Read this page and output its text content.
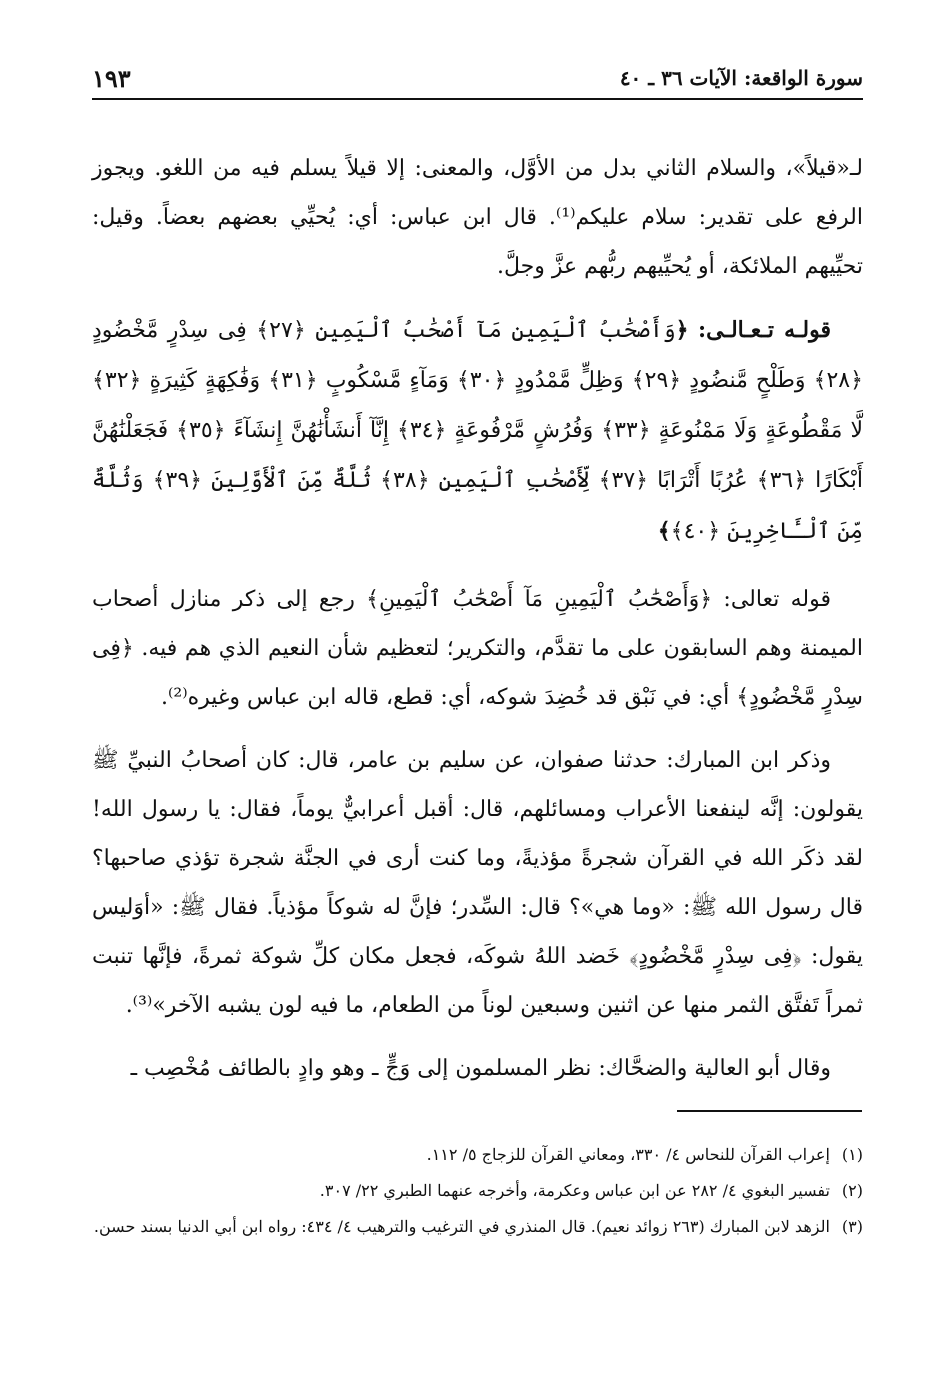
سورة الواقعة: الآيات ٣٦ ـ ٤٠
١٩٣

لـ«قيلاً»، والسلام الثاني بدل من الأوَّل، والمعنى: إلا قيلاً يسلم فيه من اللغو. ويجوز الرفع على تقدير: سلام عليكم⁽¹⁾. قال ابن عباس: أي: يُحيِّي بعضهم بعضاً. وقيل: تحيِّيهم الملائكة، أو يُحيِّيهم ربُّهم عزَّ وجلَّ.

قولـه تـعـالـى: ﴿وَأَصْحَٰبُ ٱلْيَمِينِ مَآ أَصْحَٰبُ ٱلْيَمِينِ ﴿٢٧﴾ فِى سِدْرٍ مَّخْضُودٍ ﴿٢٨﴾ وَطَلْحٍ مَّنضُودٍ ﴿٢٩﴾ وَظِلٍّ مَّمْدُودٍ ﴿٣٠﴾ وَمَآءٍ مَّسْكُوبٍ ﴿٣١﴾ وَفَٰكِهَةٍ كَثِيرَةٍ ﴿٣٢﴾ لَّا مَقْطُوعَةٍ وَلَا مَمْنُوعَةٍ ﴿٣٣﴾ وَفُرُشٍ مَّرْفُوعَةٍ ﴿٣٤﴾ إِنَّآ أَنشَأْنَٰهُنَّ إِنشَآءً ﴿٣٥﴾ فَجَعَلْنَٰهُنَّ أَبْكَارًا ﴿٣٦﴾ عُرُبًا أَتْرَابًا ﴿٣٧﴾ لِّأَصْحَٰبِ ٱلْيَمِينِ ﴿٣٨﴾ ثُلَّةٌ مِّنَ ٱلْأَوَّلِينَ ﴿٣٩﴾ وَثُلَّةٌ مِّنَ ٱلْـَٔاخِرِينَ ﴿٤٠﴾﴾

قوله تعالى: ﴿وَأَصْحَٰبُ ٱلْيَمِينِ مَآ أَصْحَٰبُ ٱلْيَمِينِ﴾ رجع إلى ذكر منازل أصحاب الميمنة وهم السابقون على ما تقدَّم، والتكرير؛ لتعظيم شأن النعيم الذي هم فيه. ﴿فِى سِدْرٍ مَّخْضُودٍ﴾ أي: في نَبْق قد خُضِدَ شوكه، أي: قطع، قاله ابن عباس وغيره⁽²⁾.

وذكر ابن المبارك: حدثنا صفوان، عن سليم بن عامر، قال: كان أصحابُ النبيِّ ﷺ يقولون: إنَّه لينفعنا الأعراب ومسائلهم، قال: أقبل أعرابيٌّ يوماً، فقال: يا رسول الله! لقد ذكَر الله في القرآن شجرةً مؤذيةً، وما كنت أرى في الجنَّة شجرة تؤذي صاحبها؟ قال رسول الله ﷺ: «وما هي»؟ قال: السِّدر؛ فإنَّ له شوكاً مؤذياً. فقال ﷺ: «أوَليس يقول: ﴿فِى سِدْرٍ مَّخْضُودٍ﴾ خَضد اللهُ شوكَه، فجعل مكان كلِّ شوكة ثمرةً، فإنَّها تنبت ثمراً تَفتَّق الثمر منها عن اثنين وسبعين لوناً من الطعام، ما فيه لون يشبه الآخر»⁽³⁾.

وقال أبو العالية والضحَّاك: نظر المسلمون إلى وَجٍّ ـ وهو وادٍ بالطائف مُخْصِب ـ

(١) إعراب القرآن للنحاس ٤/ ٣٣٠، ومعاني القرآن للزجاج ٥/ ١١٢.
(٢) تفسير البغوي ٤/ ٢٨٢ عن ابن عباس وعكرمة، وأخرجه عنهما الطبري ٢٢/ ٣٠٧.
(٣) الزهد لابن المبارك (٢٦٣ زوائد نعيم). قال المنذري في الترغيب والترهيب ٤/ ٤٣٤: رواه ابن أبي الدنيا بسند حسن.
